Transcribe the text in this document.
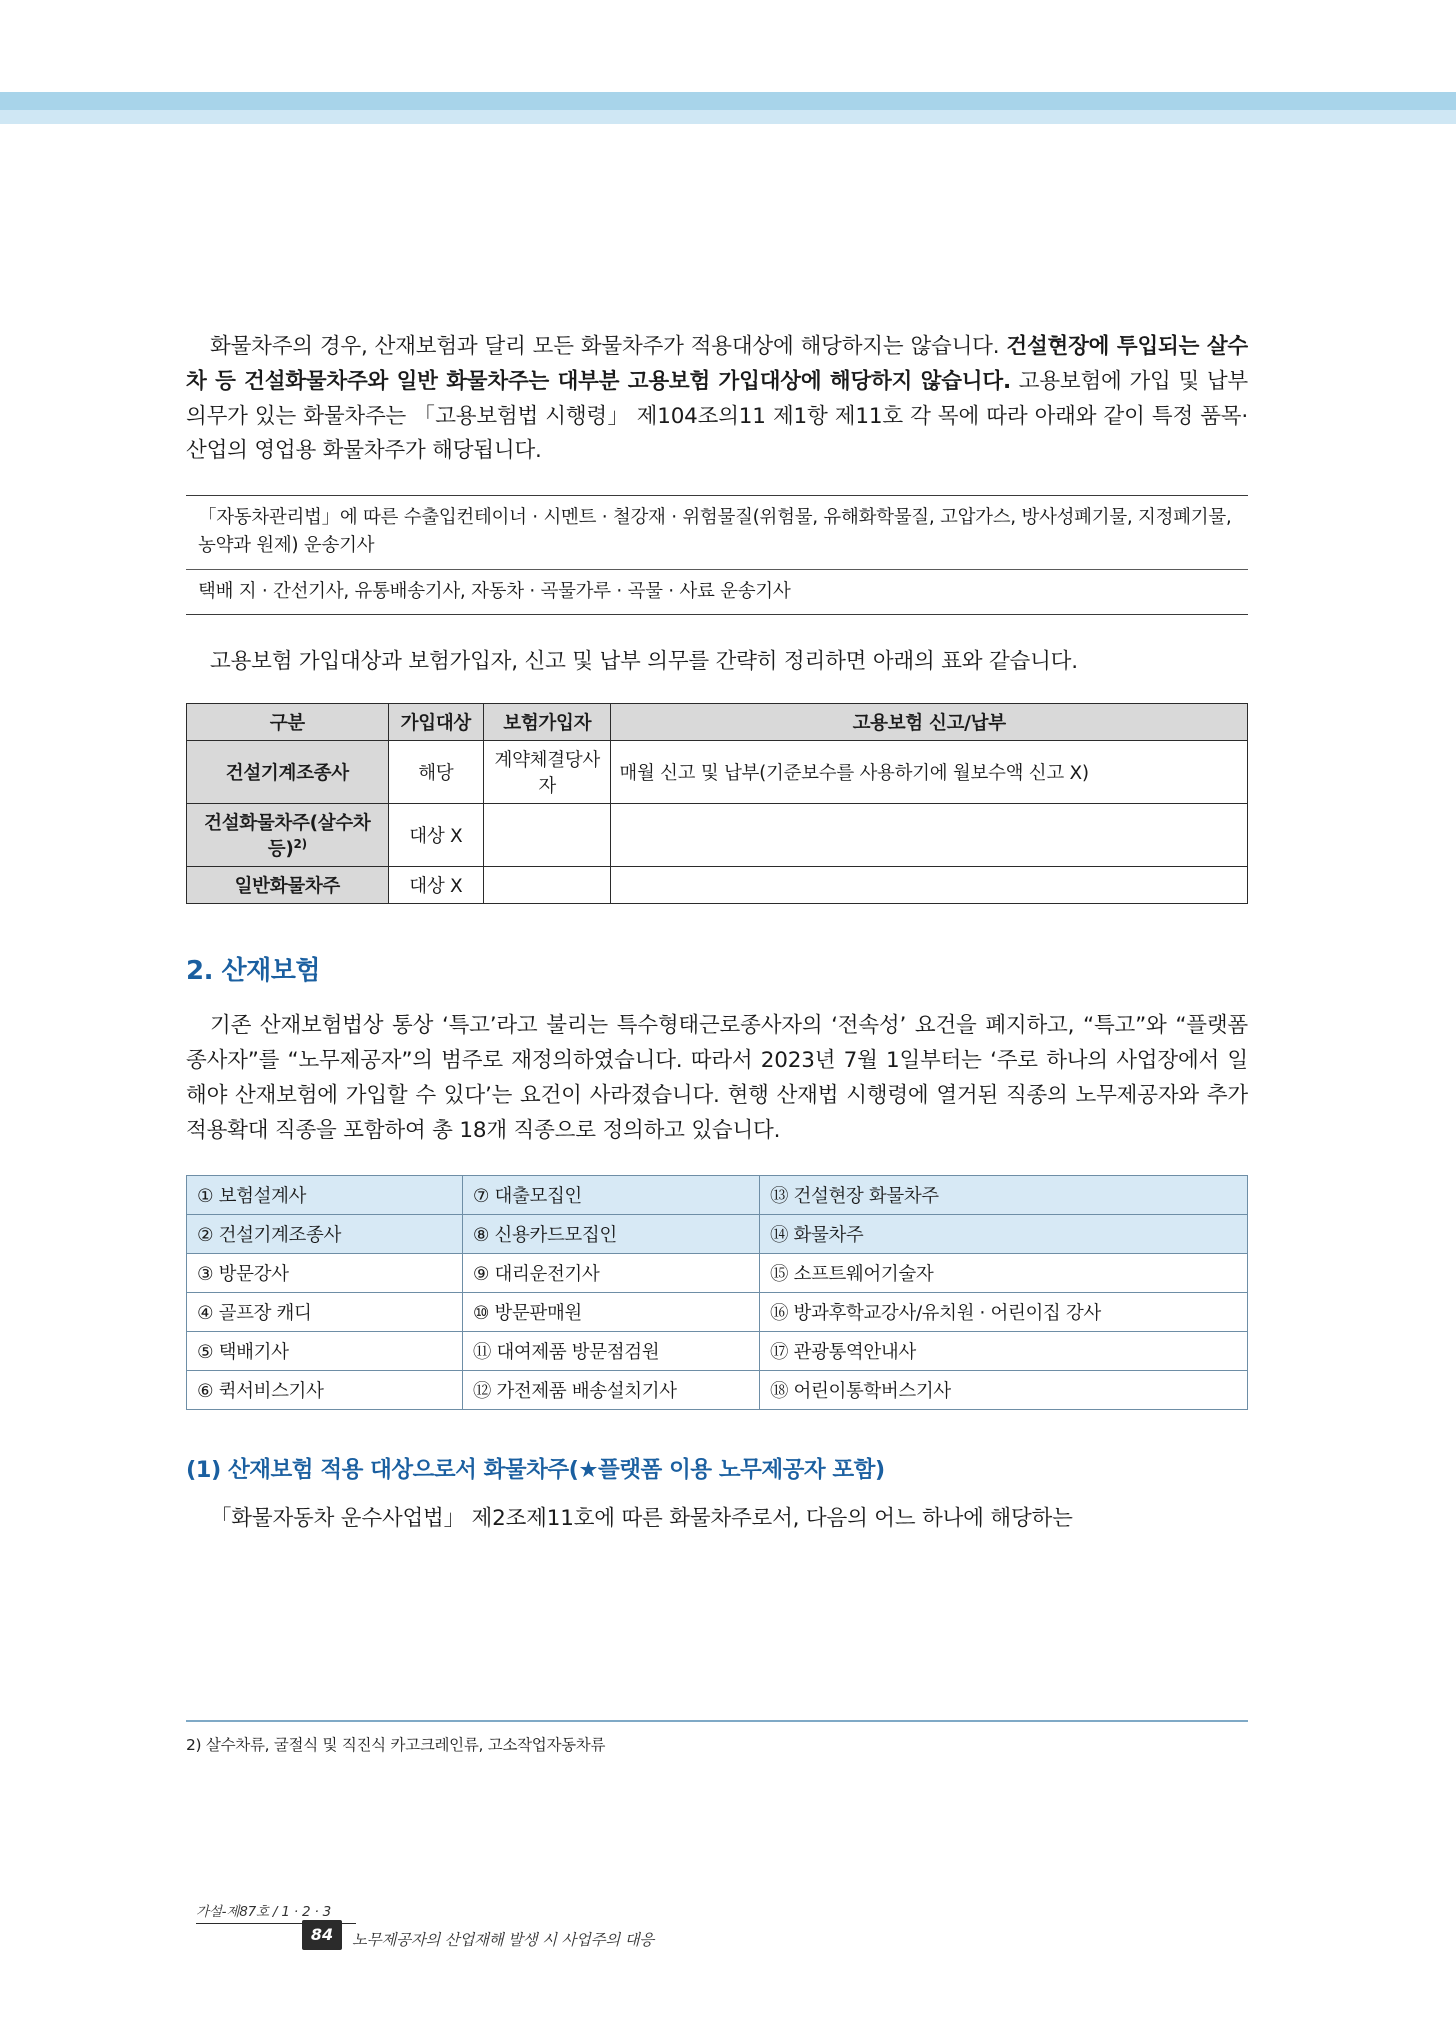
화물차주의 경우, 산재보험과 달리 모든 화물차주가 적용대상에 해당하지는 않습니다. 건설현장에 투입되는 살수차 등 건설화물차주와 일반 화물차주는 대부분 고용보험 가입대상에 해당하지 않습니다. 고용보험에 가입 및 납부의무가 있는 화물차주는 「고용보험법 시행령」 제104조의11 제1항 제11호 각 목에 따라 아래와 같이 특정 품목·산업의 영업용 화물차주가 해당됩니다.

「자동차관리법」에 따른 수출입컨테이너 · 시멘트 · 철강재 · 위험물질(위험물, 유해화학물질, 고압가스, 방사성폐기물, 지정폐기물, 농약과 원제) 운송기사
택배 지 · 간선기사, 유통배송기사, 자동차 · 곡물가루 · 곡물 · 사료 운송기사

고용보험 가입대상과 보험가입자, 신고 및 납부 의무를 간략히 정리하면 아래의 표와 같습니다.

구분	가입대상	보험가입자	고용보험 신고/납부
건설기계조종사	해당	계약체결당사자	매월 신고 및 납부(기준보수를 사용하기에 월보수액 신고 X)
건설화물차주(살수차 등)$^{2)}$	대상 X		
일반화물차주	대상 X		
2. 산재보험

기존 산재보험법상 통상 ‘특고’라고 불리는 특수형태근로종사자의 ‘전속성’ 요건을 폐지하고, “특고”와 “플랫폼 종사자”를 “노무제공자”의 범주로 재정의하였습니다. 따라서 2023년 7월 1일부터는 ‘주로 하나의 사업장에서 일해야 산재보험에 가입할 수 있다’는 요건이 사라졌습니다. 현행 산재법 시행령에 열거된 직종의 노무제공자와 추가 적용확대 직종을 포함하여 총 18개 직종으로 정의하고 있습니다.

① 보험설계사	⑦ 대출모집인	⑬ 건설현장 화물차주
② 건설기계조종사	⑧ 신용카드모집인	⑭ 화물차주
③ 방문강사	⑨ 대리운전기사	⑮ 소프트웨어기술자
④ 골프장 캐디	⑩ 방문판매원	⑯ 방과후학교강사/유치원 · 어린이집 강사
⑤ 택배기사	⑪ 대여제품 방문점검원	⑰ 관광통역안내사
⑥ 퀵서비스기사	⑫ 가전제품 배송설치기사	⑱ 어린이통학버스기사
(1) 산재보험 적용 대상으로서 화물차주(★플랫폼 이용 노무제공자 포함)

「화물자동차 운수사업법」 제2조제11호에 따른 화물차주로서, 다음의 어느 하나에 해당하는

2) 살수차류, 굴절식 및 직진식 카고크레인류, 고소작업자동차류
가설-제87호 / 1 · 2 · 3
84	노무제공자의 산업재해 발생 시 사업주의 대응
